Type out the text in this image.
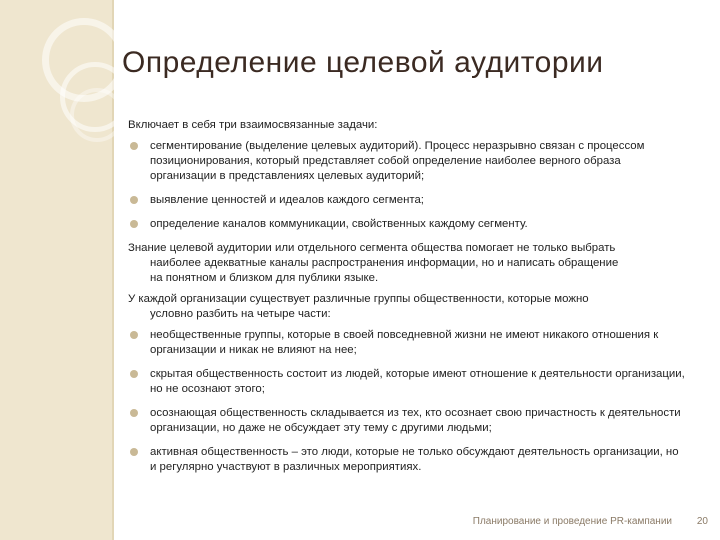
Определение целевой аудитории

Включает в себя три взаимосвязанные задачи:

сегментирование (выделение целевых аудиторий). Процесс неразрывно связан с процессом позиционирования, который представляет собой определение наиболее верного образа организации в представлениях целевых аудиторий;
выявление ценностей и идеалов каждого сегмента;
определение каналов коммуникации, свойственных каждому сегменту.

Знание целевой аудитории или отдельного сегмента общества помогает не только выбрать
наиболее адекватные каналы распространения информации, но и написать обращение
на понятном и близком для публики языке.

У каждой организации существует различные группы общественности, которые можно
условно разбить на четыре части:

необщественные группы, которые в своей повседневной жизни не имеют никакого отношения к организации и никак не влияют на нее;
скрытая общественность состоит из людей, которые имеют отношение к деятельности организации, но не осознают этого;
осознающая общественность складывается из тех, кто осознает свою причастность к деятельности организации, но даже не обсуждает эту тему с другими людьми;
активная общественность – это люди, которые не только обсуждают деятельность организации, но и регулярно участвуют в различных мероприятиях.
Планирование и проведение PR-кампании 20
